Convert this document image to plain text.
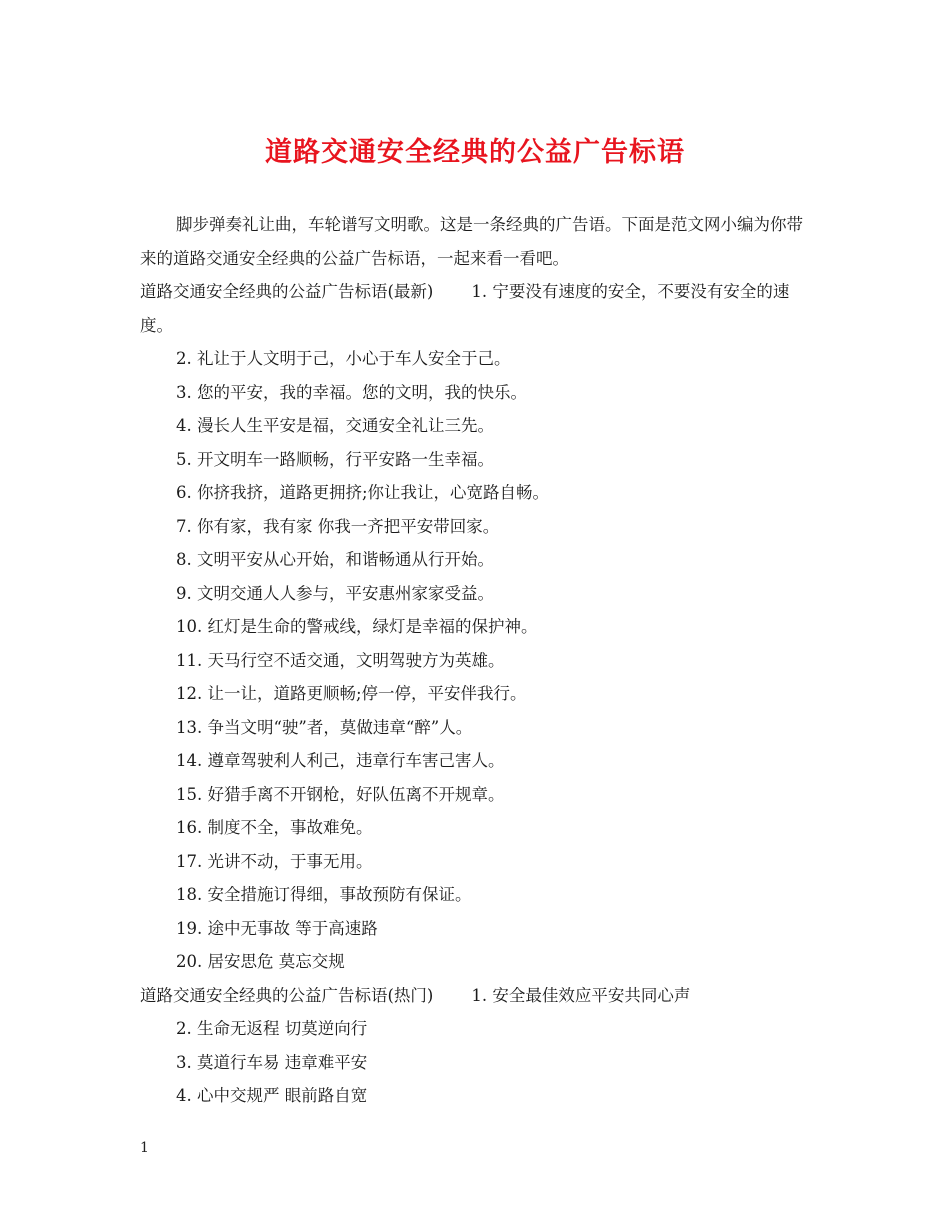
道路交通安全经典的公益广告标语

脚步弹奏礼让曲，车轮谱写文明歌。这是一条经典的广告语。下面是范文网小编为你带来的道路交通安全经典的公益广告标语，一起来看一看吧。

道路交通安全经典的公益广告标语(最新) 1. 宁要没有速度的安全，不要没有安全的速度。

2. 礼让于人文明于己，小心于车人安全于己。

3. 您的平安，我的幸福。您的文明，我的快乐。

4. 漫长人生平安是福，交通安全礼让三先。

5. 开文明车一路顺畅，行平安路一生幸福。

6. 你挤我挤，道路更拥挤;你让我让，心宽路自畅。

7. 你有家，我有家 你我一齐把平安带回家。

8. 文明平安从心开始，和谐畅通从行开始。

9. 文明交通人人参与，平安惠州家家受益。

10. 红灯是生命的警戒线，绿灯是幸福的保护神。

11. 天马行空不适交通，文明驾驶方为英雄。

12. 让一让，道路更顺畅;停一停，平安伴我行。

13. 争当文明“驶”者，莫做违章“醉”人。

14. 遵章驾驶利人利己，违章行车害己害人。

15. 好猎手离不开钢枪，好队伍离不开规章。

16. 制度不全，事故难免。

17. 光讲不动，于事无用。

18. 安全措施订得细，事故预防有保证。

19. 途中无事故 等于高速路

20. 居安思危 莫忘交规

道路交通安全经典的公益广告标语(热门) 1. 安全最佳效应平安共同心声

2. 生命无返程 切莫逆向行

3. 莫道行车易 违章难平安

4. 心中交规严 眼前路自宽

1
